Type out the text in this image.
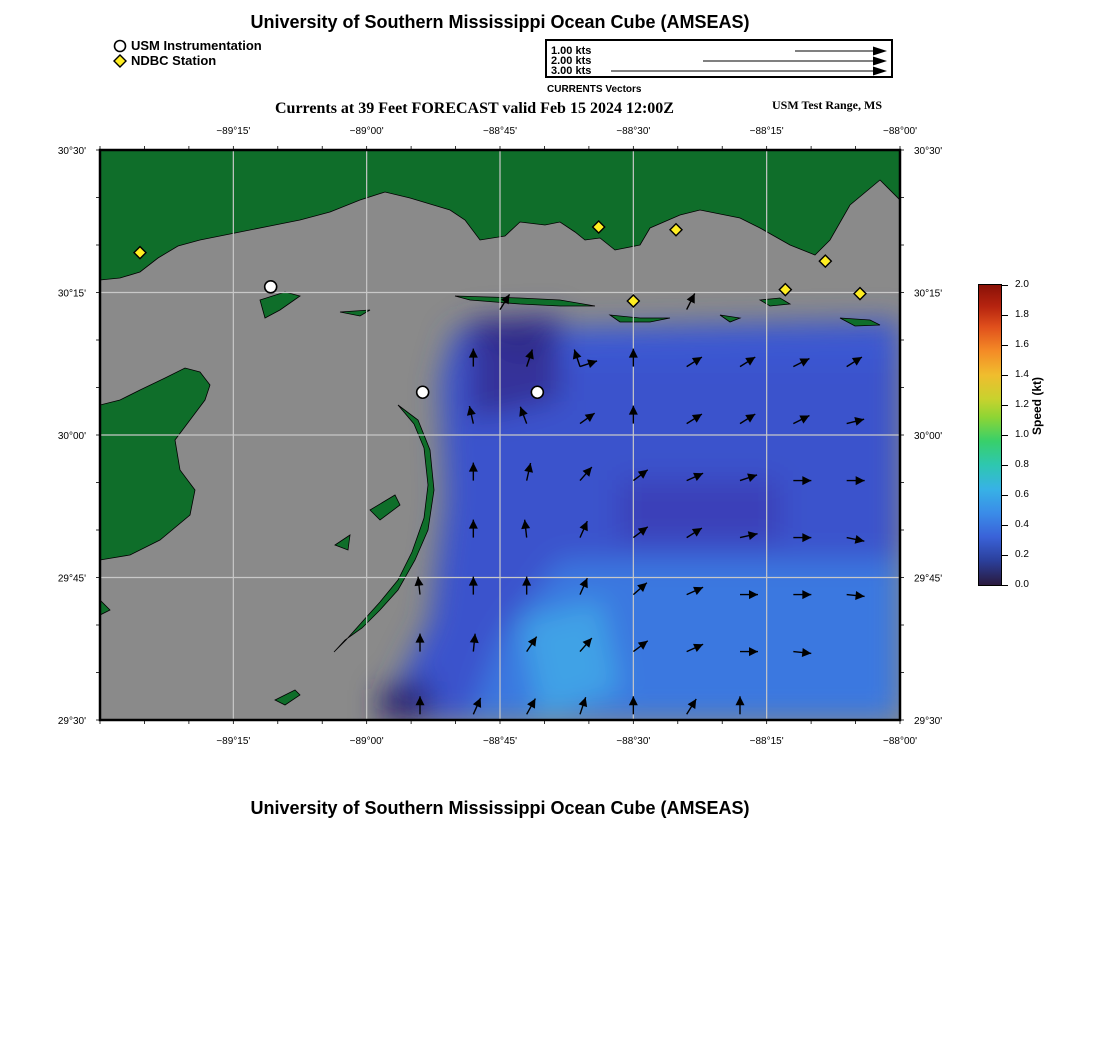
University of Southern Mississippi Ocean Cube (AMSEAS)
USM Instrumentation
NDBC Station
1.00 kts
2.00 kts
3.00 kts
CURRENTS Vectors
Currents at 39 Feet FORECAST valid Feb 15 2024 12:00Z	USM Test Range, MS
−89°15'
−89°15'
−89°00'
−89°00'
−88°45'
−88°45'
−88°30'
−88°30'
−88°15'
−88°15'
−88°00'
−88°00'
30°30'	30°30'
30°15'	30°15'
30°00'	30°00'
29°45'	29°45'
29°30'	29°30'
2.0
1.8
1.6
1.4
1.2
1.0
0.8
0.6
0.4
0.2
0.0
Speed (kt)
University of Southern Mississippi Ocean Cube (AMSEAS)
